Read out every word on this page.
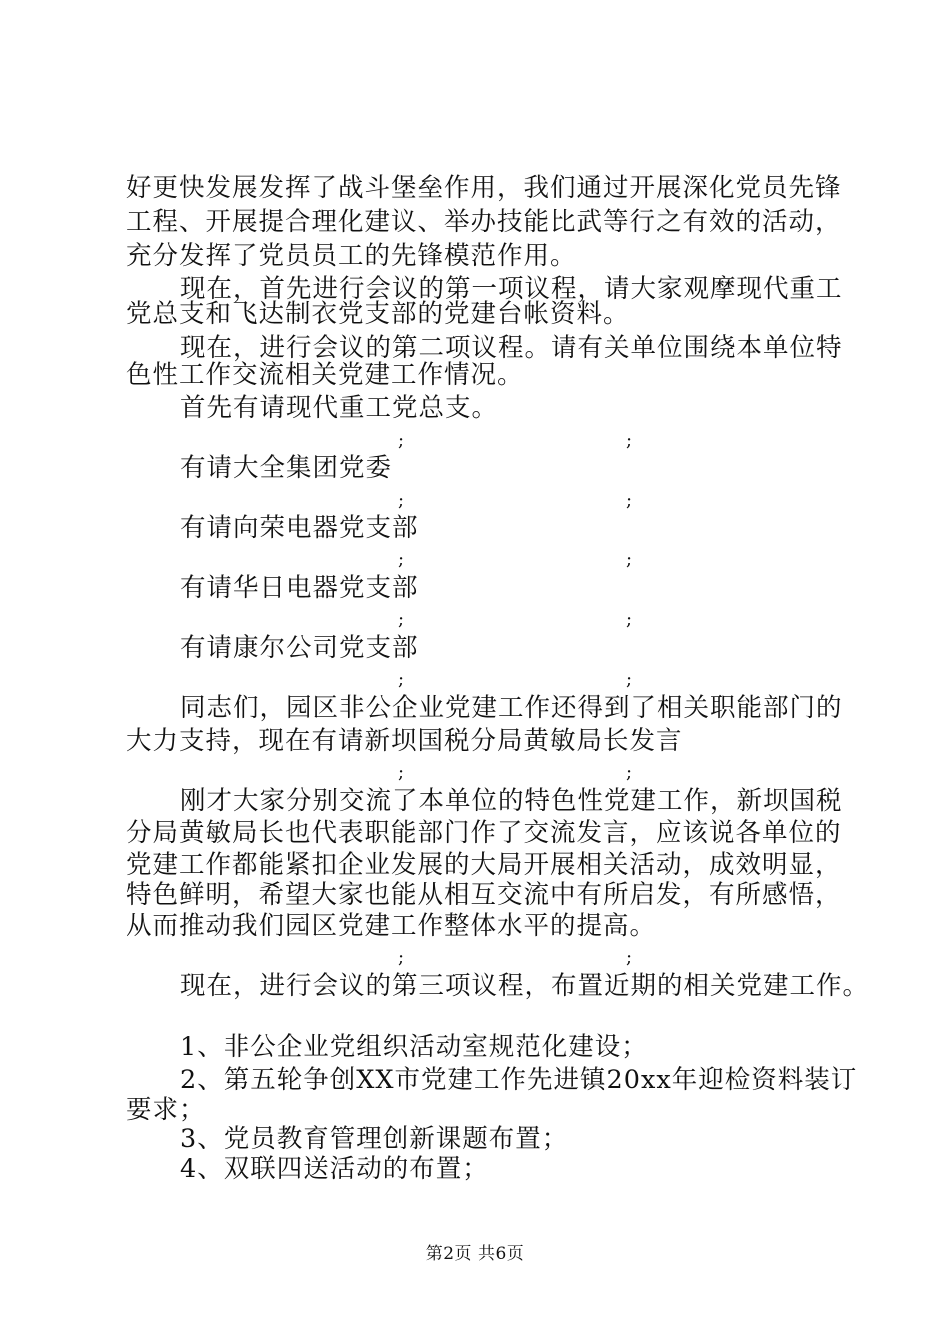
好更快发展发挥了战斗堡垒作用，我们通过开展深化党员先锋
工程、开展提合理化建议、举办技能比武等行之有效的活动，
充分发挥了党员员工的先锋模范作用。
现在，首先进行会议的第一项议程，请大家观摩现代重工
党总支和飞达制衣党支部的党建台帐资料。
现在，进行会议的第二项议程。请有关单位围绕本单位特
色性工作交流相关党建工作情况。
首先有请现代重工党总支。
;	;
有请大全集团党委
;	;
有请向荣电器党支部
;	;
有请华日电器党支部
;	;
有请康尔公司党支部
;	;
同志们，园区非公企业党建工作还得到了相关职能部门的
大力支持，现在有请新坝国税分局黄敏局长发言
;	;
刚才大家分别交流了本单位的特色性党建工作，新坝国税
分局黄敏局长也代表职能部门作了交流发言，应该说各单位的
党建工作都能紧扣企业发展的大局开展相关活动，成效明显，
特色鲜明，希望大家也能从相互交流中有所启发，有所感悟，
从而推动我们园区党建工作整体水平的提高。
;	;
现在，进行会议的第三项议程，布置近期的相关党建工作。
1、非公企业党组织活动室规范化建设；
2、第五轮争创XX市党建工作先进镇20xx年迎检资料装订
要求；
3、党员教育管理创新课题布置；
4、双联四送活动的布置；
第2页 共6页
